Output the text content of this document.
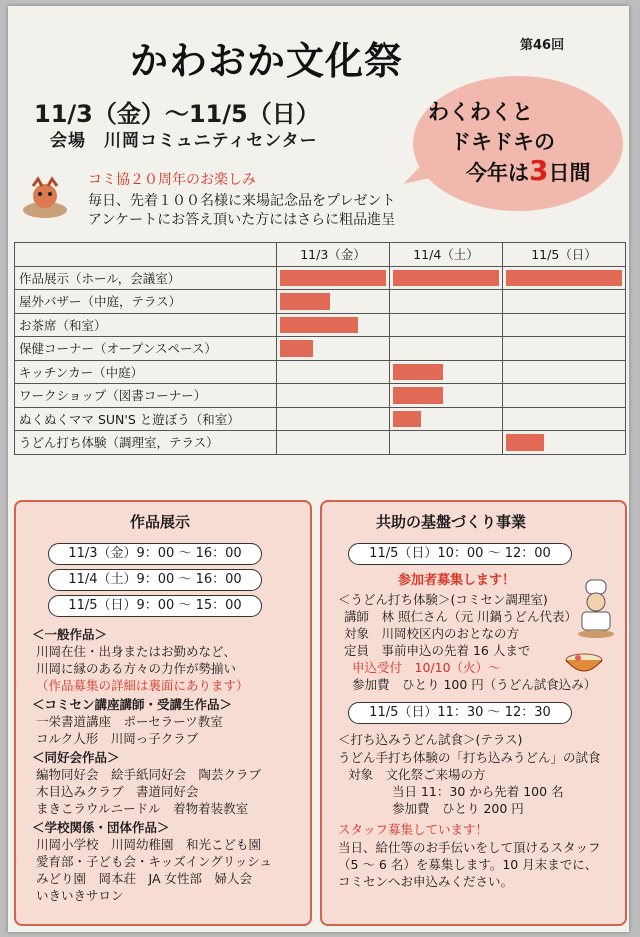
かわおか文化祭	第46回
11/3（金）～11/5（日）
会場　川岡コミュニティセンター
わくわくと
ドキドキの
今年は3日間
コミ協２０周年のお楽しみ
毎日、先着１００名様に来場記念品をプレゼント
アンケートにお答え頂いた方にはさらに粗品進呈
	11/3（金）	11/4（土）	11/5（日）
作品展示（ホール，会議室）	

屋外バザー（中庭，テラス）	

お茶席（和室）	

保健コーナー（オープンスペース）	

キッチンカー（中庭）		

ワークショップ（図書コーナー）		

ぬくぬくママ SUN'S と遊ぼう（和室）		

うどん打ち体験（調理室，テラス）			
作品展示
11/3（金）9：00 ～ 16：00
11/4（土）9：00 ～ 16：00
11/5（日）9：00 ～ 15：00
＜一般作品＞
川岡在住・出身またはお勤めなど、
川岡に縁のある方々の力作が勢揃い
（作品募集の詳細は裏面にあります）
＜コミセン講座講師・受講生作品＞
一栄書道講座　ポーセラーツ教室
コルク人形　川岡っ子クラブ
＜同好会作品＞
編物同好会　絵手紙同好会　陶芸クラブ
木目込みクラブ　書道同好会
まきこラウルニードル　着物着装教室
＜学校関係・団体作品＞
川岡小学校　川岡幼稚園　和光こども園
愛育部・子ども会・キッズイングリッシュ
みどり園　岡本荘　JA 女性部　婦人会
いきいきサロン
共助の基盤づくり事業
11/5（日）10：00 ～ 12：00
参加者募集します！
＜うどん打ち体験＞(コミセン調理室)
講師　林 照仁さん（元 川鍋うどん代表）
対象　川岡校区内のおとなの方
定員　事前申込の先着 16 人まで
申込受付　10/10（火）～
参加費　ひとり 100 円（うどん試食込み）
11/5（日）11：30 ～ 12：30
＜打ち込みうどん試食＞(テラス)
うどん手打ち体験の「打ち込みうどん」の試食
対象　文化祭ご来場の方
当日 11：30 から先着 100 名
参加費　ひとり 200 円
スタッフ募集しています！
当日、給仕等のお手伝いをして頂けるスタッフ
（5 ～ 6 名）を募集します。10 月末までに、
コミセンへお申込みください。
